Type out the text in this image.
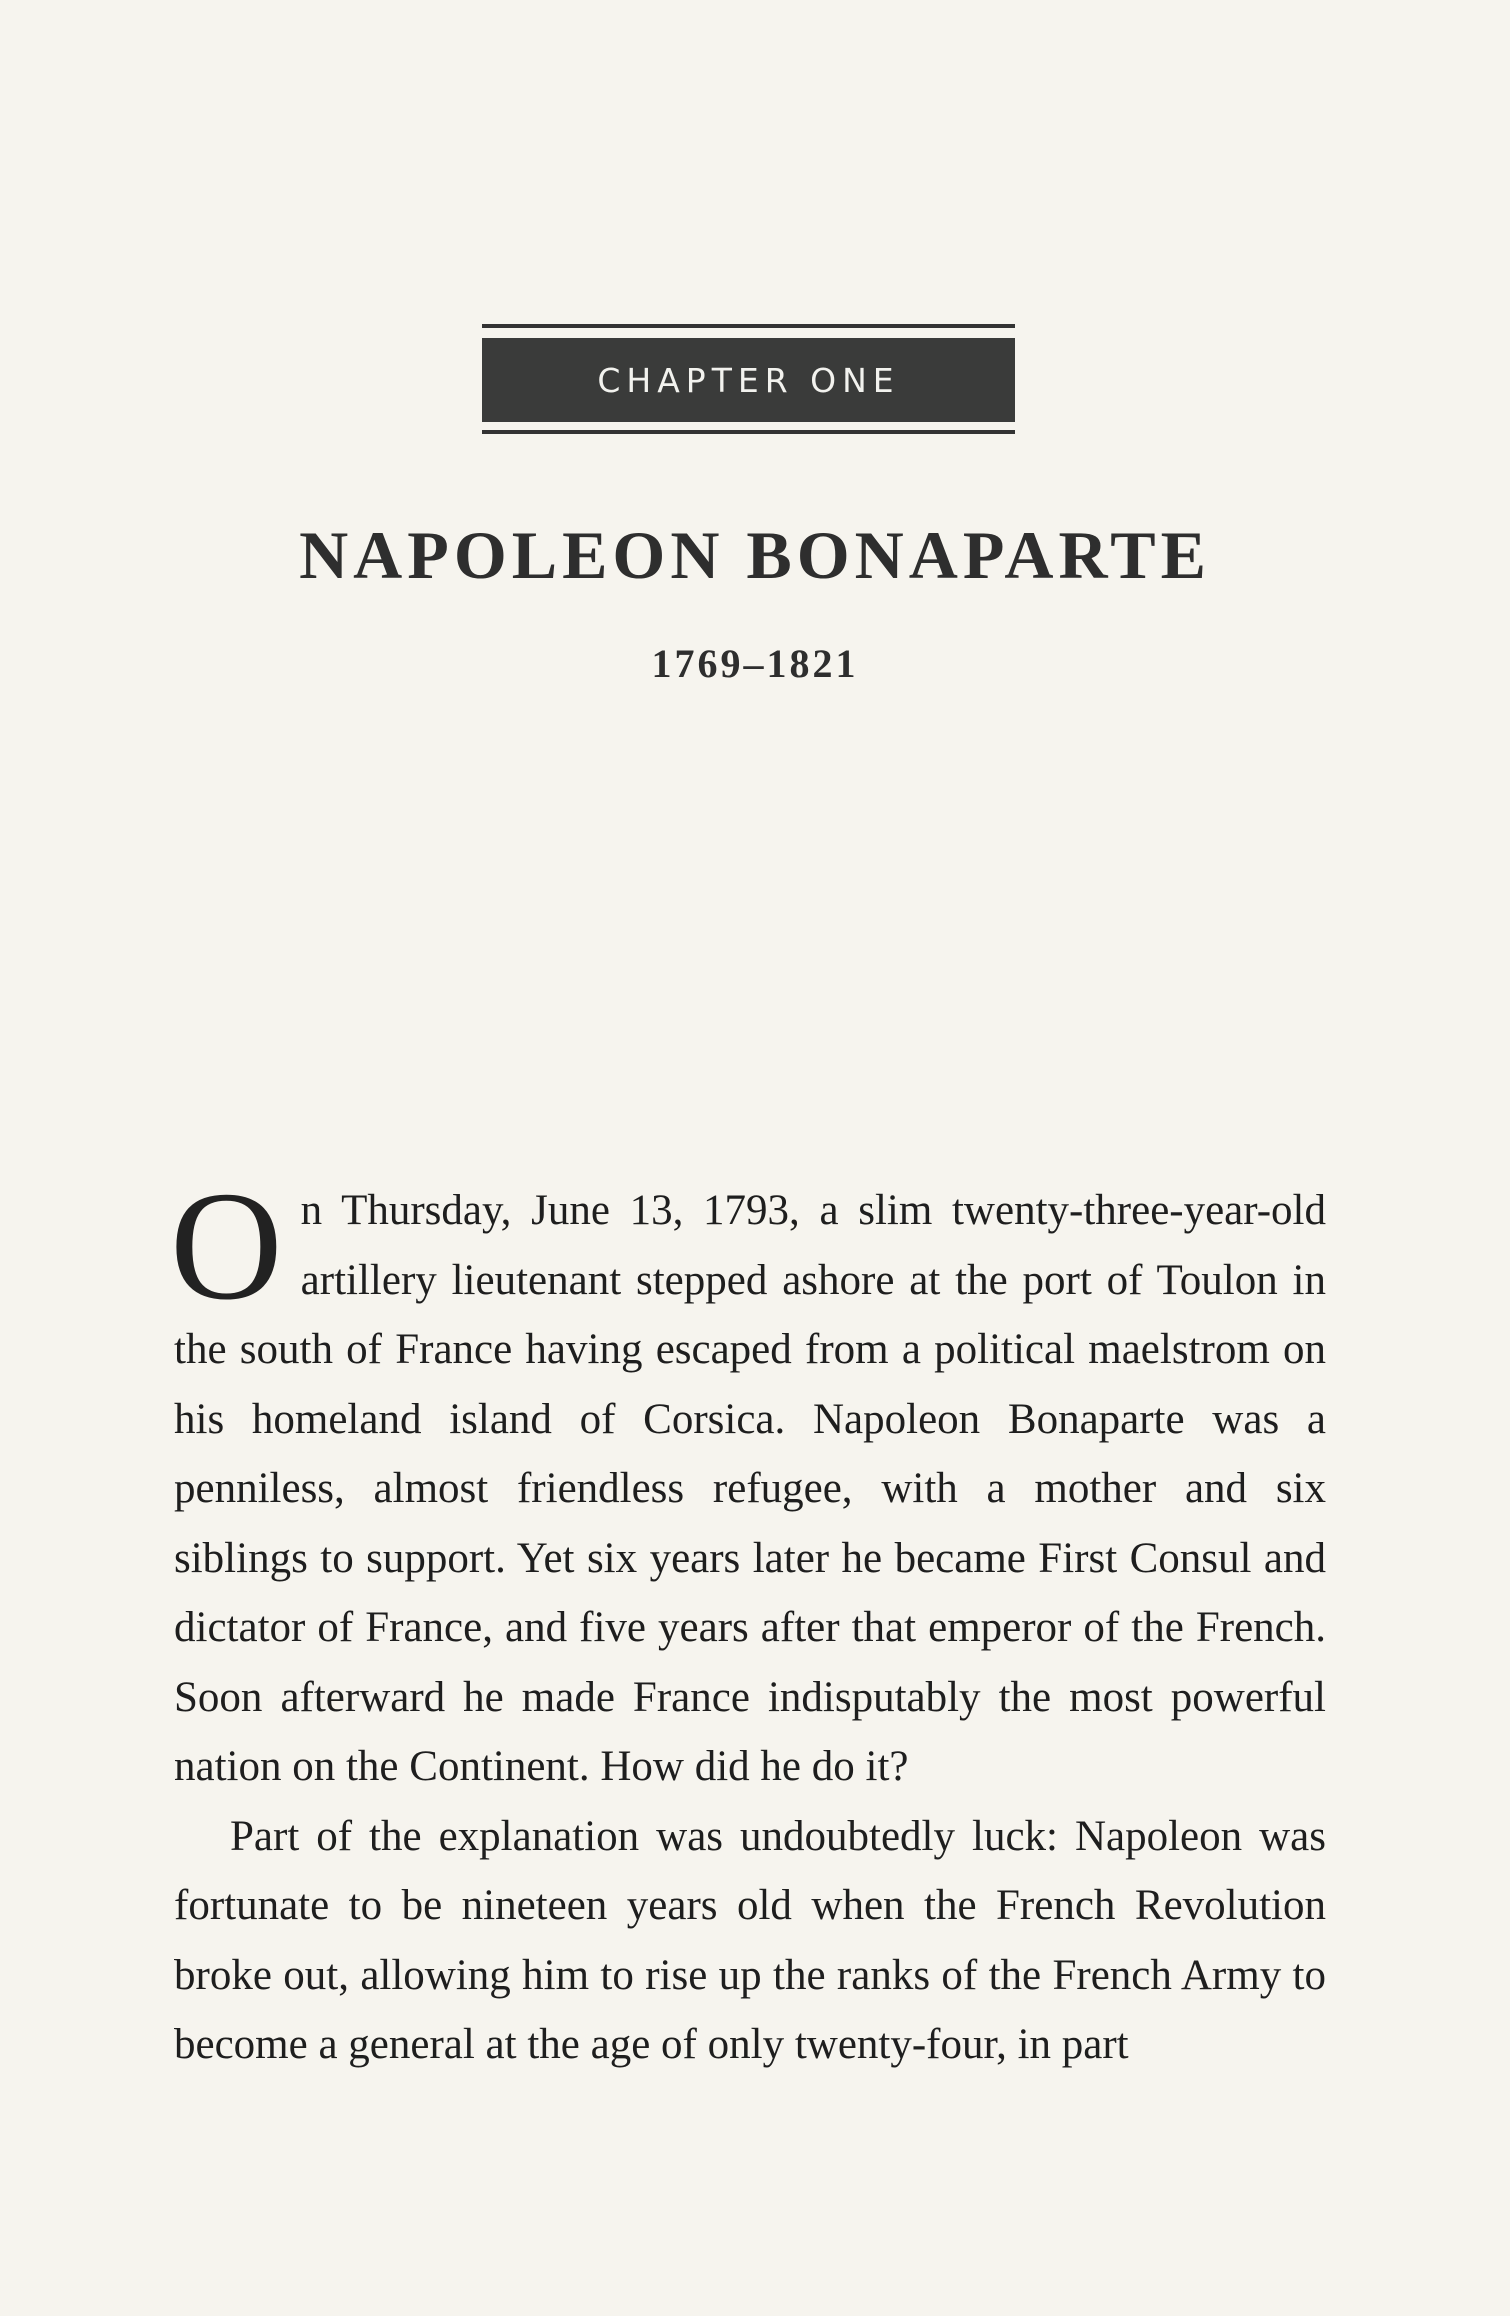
CHAPTER ONE
NAPOLEON BONAPARTE
1769–1821

On Thursday, June 13, 1793, a slim twenty-three-year-old artillery lieutenant stepped ashore at the port of Toulon in the south of France having escaped from a political maelstrom on his homeland island of Corsica. Napoleon Bonaparte was a penniless, almost friendless refugee, with a mother and six siblings to support. Yet six years later he became First Consul and dictator of France, and five years after that emperor of the French. Soon afterward he made France indisputably the most powerful nation on the Continent. How did he do it?

Part of the explanation was undoubtedly luck: Napoleon was fortunate to be nineteen years old when the French Revolution broke out, allowing him to rise up the ranks of the French Army to become a general at the age of only twenty-four, in part
